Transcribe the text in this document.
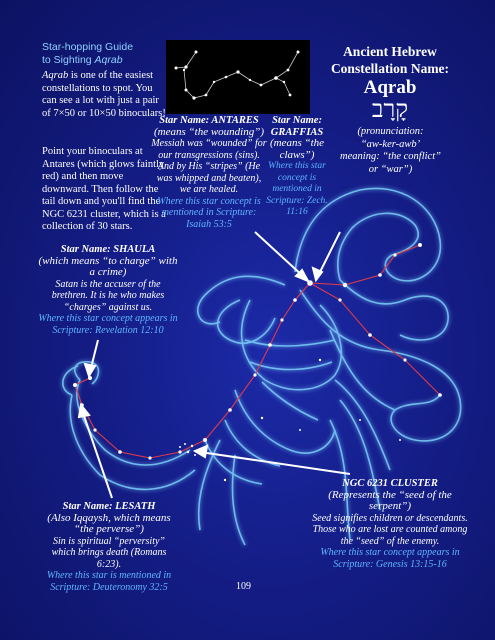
Star-hopping Guide
to Sighting Aqrab
Aqrab is one of the easiest constellations to spot. You can see a lot with just a pair of 7×50 or 10×50 binoculars!
Point your binoculars at Antares (which glows faintly red) and then move downward. Then follow the tail down and you'll find the NGC 6231 cluster, which is a collection of 30 stars.
Ancient Hebrew
Constellation Name:
Aqrab
קָרָב
(pronunciation:
“aw-ker-awb’
meaning: “the conflict”
or “war”)
Star Name: ANTARES
(means “the wounding”)
Messiah was “wounded” for our transgressions (sins). And by His “stripes” (He was whipped and beaten), we are healed.
Where this star concept is mentioned in Scripture: Isaiah 53:5
Star Name: GRAFFIAS
(means “the claws”)
Where this star concept is mentioned in Scripture: Zech. 11:16
Star Name: SHAULA
(which means “to charge” with a crime)
Satan is the accuser of the brethren. It is he who makes “charges” against us.
Where this star concept appears in Scripture: Revelation 12:10
Star Name: LESATH
(Also Iqqaysh, which means “the perverse”)
Sin is spiritual “perversity” which brings death (Romans 6:23).
Where this star is mentioned in Scripture: Deuteronomy 32:5
NGC 6231 CLUSTER
(Represents the “seed of the serpent”)
Seed signifies children or descendants. Those who are lost are counted among the “seed” of the enemy.
Where this star concept appears in Scripture: Genesis 13:15-16
109
